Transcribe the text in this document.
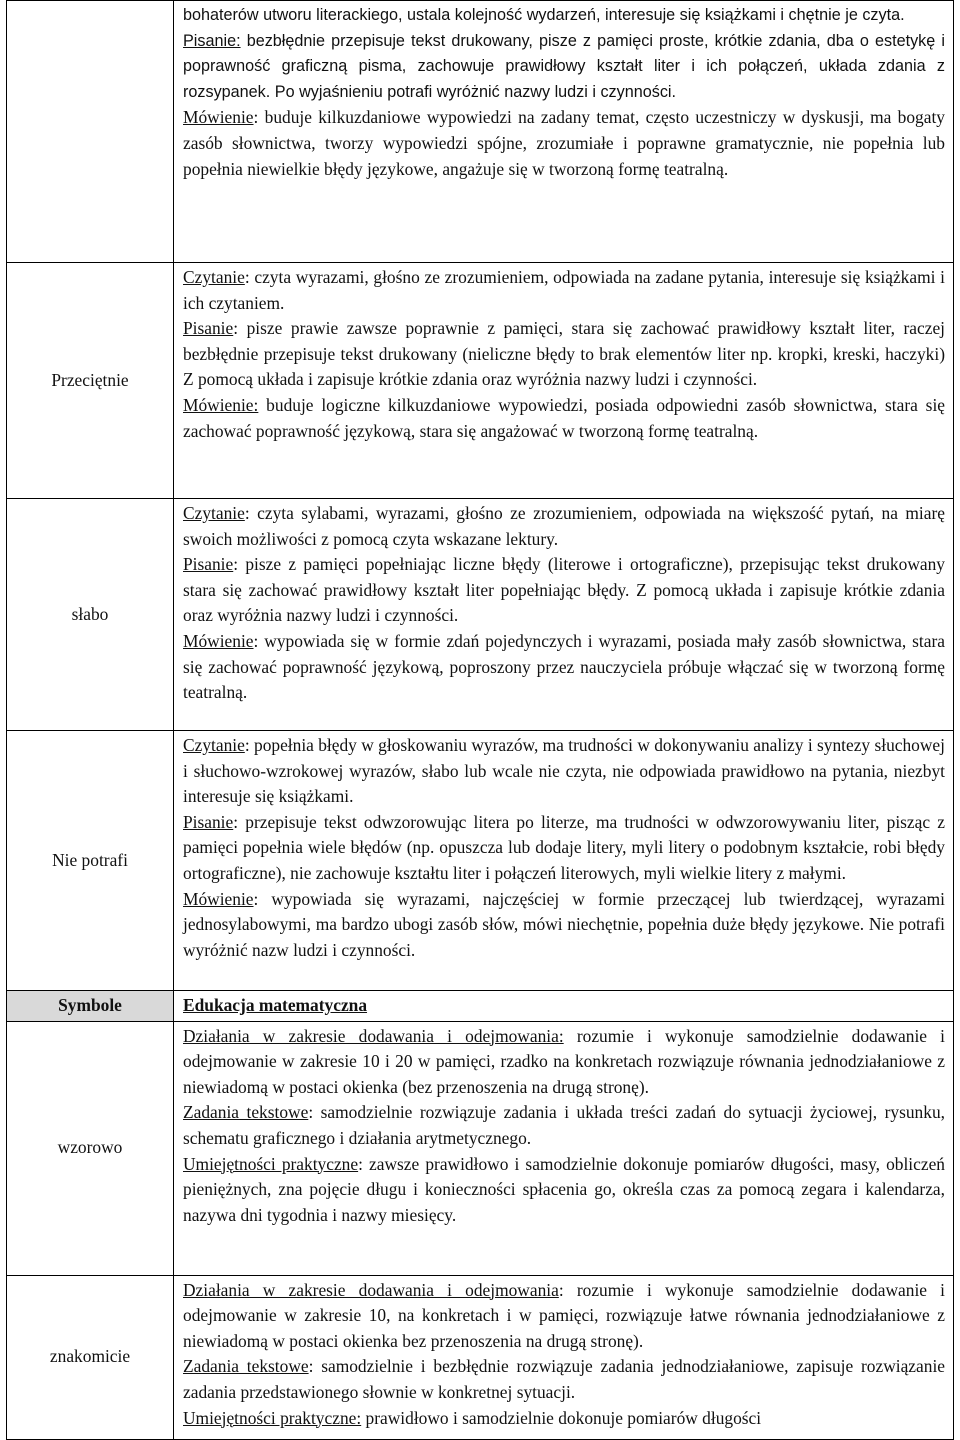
	bohaterów utworu literackiego, ustala kolejność wydarzeń, interesuje się książkami i chętnie je czyta.
Pisanie: bezbłędnie przepisuje tekst drukowany, pisze z pamięci proste, krótkie zdania, dba o estetykę i poprawność graficzną pisma, zachowuje prawidłowy kształt liter i ich połączeń, układa zdania z rozsypanek. Po wyjaśnieniu potrafi wyróżnić nazwy ludzi i czynności.
Mówienie: buduje kilkuzdaniowe wypowiedzi na zadany temat, często uczestniczy w dyskusji, ma bogaty zasób słownictwa, tworzy wypowiedzi spójne, zrozumiałe i poprawne gramatycznie, nie popełnia lub popełnia niewielkie błędy językowe, angażuje się w tworzoną formę teatralną.

Przeciętnie	Czytanie: czyta wyrazami, głośno ze zrozumieniem, odpowiada na zadane pytania, interesuje się książkami i ich czytaniem.
Pisanie: pisze prawie zawsze poprawnie z pamięci, stara się zachować prawidłowy kształt liter, raczej bezbłędnie przepisuje tekst drukowany (nieliczne błędy to brak elementów liter np. kropki, kreski, haczyki) Z pomocą układa i zapisuje krótkie zdania oraz wyróżnia nazwy ludzi i czynności.
Mówienie: buduje logiczne kilkuzdaniowe wypowiedzi, posiada odpowiedni zasób słownictwa, stara się zachować poprawność językową, stara się angażować w tworzoną formę teatralną.

słabo	Czytanie: czyta sylabami, wyrazami, głośno ze zrozumieniem, odpowiada na większość pytań, na miarę swoich możliwości z pomocą czyta wskazane lektury.
Pisanie: pisze z pamięci popełniając liczne błędy (literowe i ortograficzne), przepisując tekst drukowany stara się zachować prawidłowy kształt liter popełniając błędy. Z pomocą układa i zapisuje krótkie zdania oraz wyróżnia nazwy ludzi i czynności.
Mówienie: wypowiada się w formie zdań pojedynczych i wyrazami, posiada mały zasób słownictwa, stara się zachować poprawność językową, poproszony przez nauczyciela próbuje włączać się w tworzoną formę teatralną.

Nie potrafi	Czytanie: popełnia błędy w głoskowaniu wyrazów, ma trudności w dokonywaniu analizy i syntezy słuchowej i słuchowo-wzrokowej wyrazów, słabo lub wcale nie czyta, nie odpowiada prawidłowo na pytania, niezbyt interesuje się książkami.
Pisanie: przepisuje tekst odwzorowując litera po literze, ma trudności w odwzorowywaniu liter, pisząc z pamięci popełnia wiele błędów (np. opuszcza lub dodaje litery, myli litery o podobnym kształcie, robi błędy ortograficzne), nie zachowuje kształtu liter i połączeń literowych, myli wielkie litery z małymi.
Mówienie: wypowiada się wyrazami, najczęściej w formie przeczącej lub twierdzącej, wyrazami jednosylabowymi, ma bardzo ubogi zasób słów, mówi niechętnie, popełnia duże błędy językowe. Nie potrafi wyróżnić nazw ludzi i czynności.

Symbole	Edukacja matematyczna

wzorowo	Działania w zakresie dodawania i odejmowania: rozumie i wykonuje samodzielnie dodawanie i odejmowanie w zakresie 10 i 20 w pamięci, rzadko na konkretach rozwiązuje równania jednodziałaniowe z niewiadomą w postaci okienka (bez przenoszenia na drugą stronę).
Zadania tekstowe: samodzielnie rozwiązuje zadania i układa treści zadań do sytuacji życiowej, rysunku, schematu graficznego i działania arytmetycznego.
Umiejętności praktyczne: zawsze prawidłowo i samodzielnie dokonuje pomiarów długości, masy, obliczeń pieniężnych, zna pojęcie długu i konieczności spłacenia go, określa czas za pomocą zegara i kalendarza, nazywa dni tygodnia i nazwy miesięcy.

znakomicie	Działania w zakresie dodawania i odejmowania: rozumie i wykonuje samodzielnie dodawanie i odejmowanie w zakresie 10, na konkretach i w pamięci, rozwiązuje łatwe równania jednodziałaniowe z niewiadomą w postaci okienka bez przenoszenia na drugą stronę).
Zadania tekstowe: samodzielnie i bezbłędnie rozwiązuje zadania jednodziałaniowe, zapisuje rozwiązanie zadania przedstawionego słownie w konkretnej sytuacji.
Umiejętności praktyczne: prawidłowo i samodzielnie dokonuje pomiarów długości
